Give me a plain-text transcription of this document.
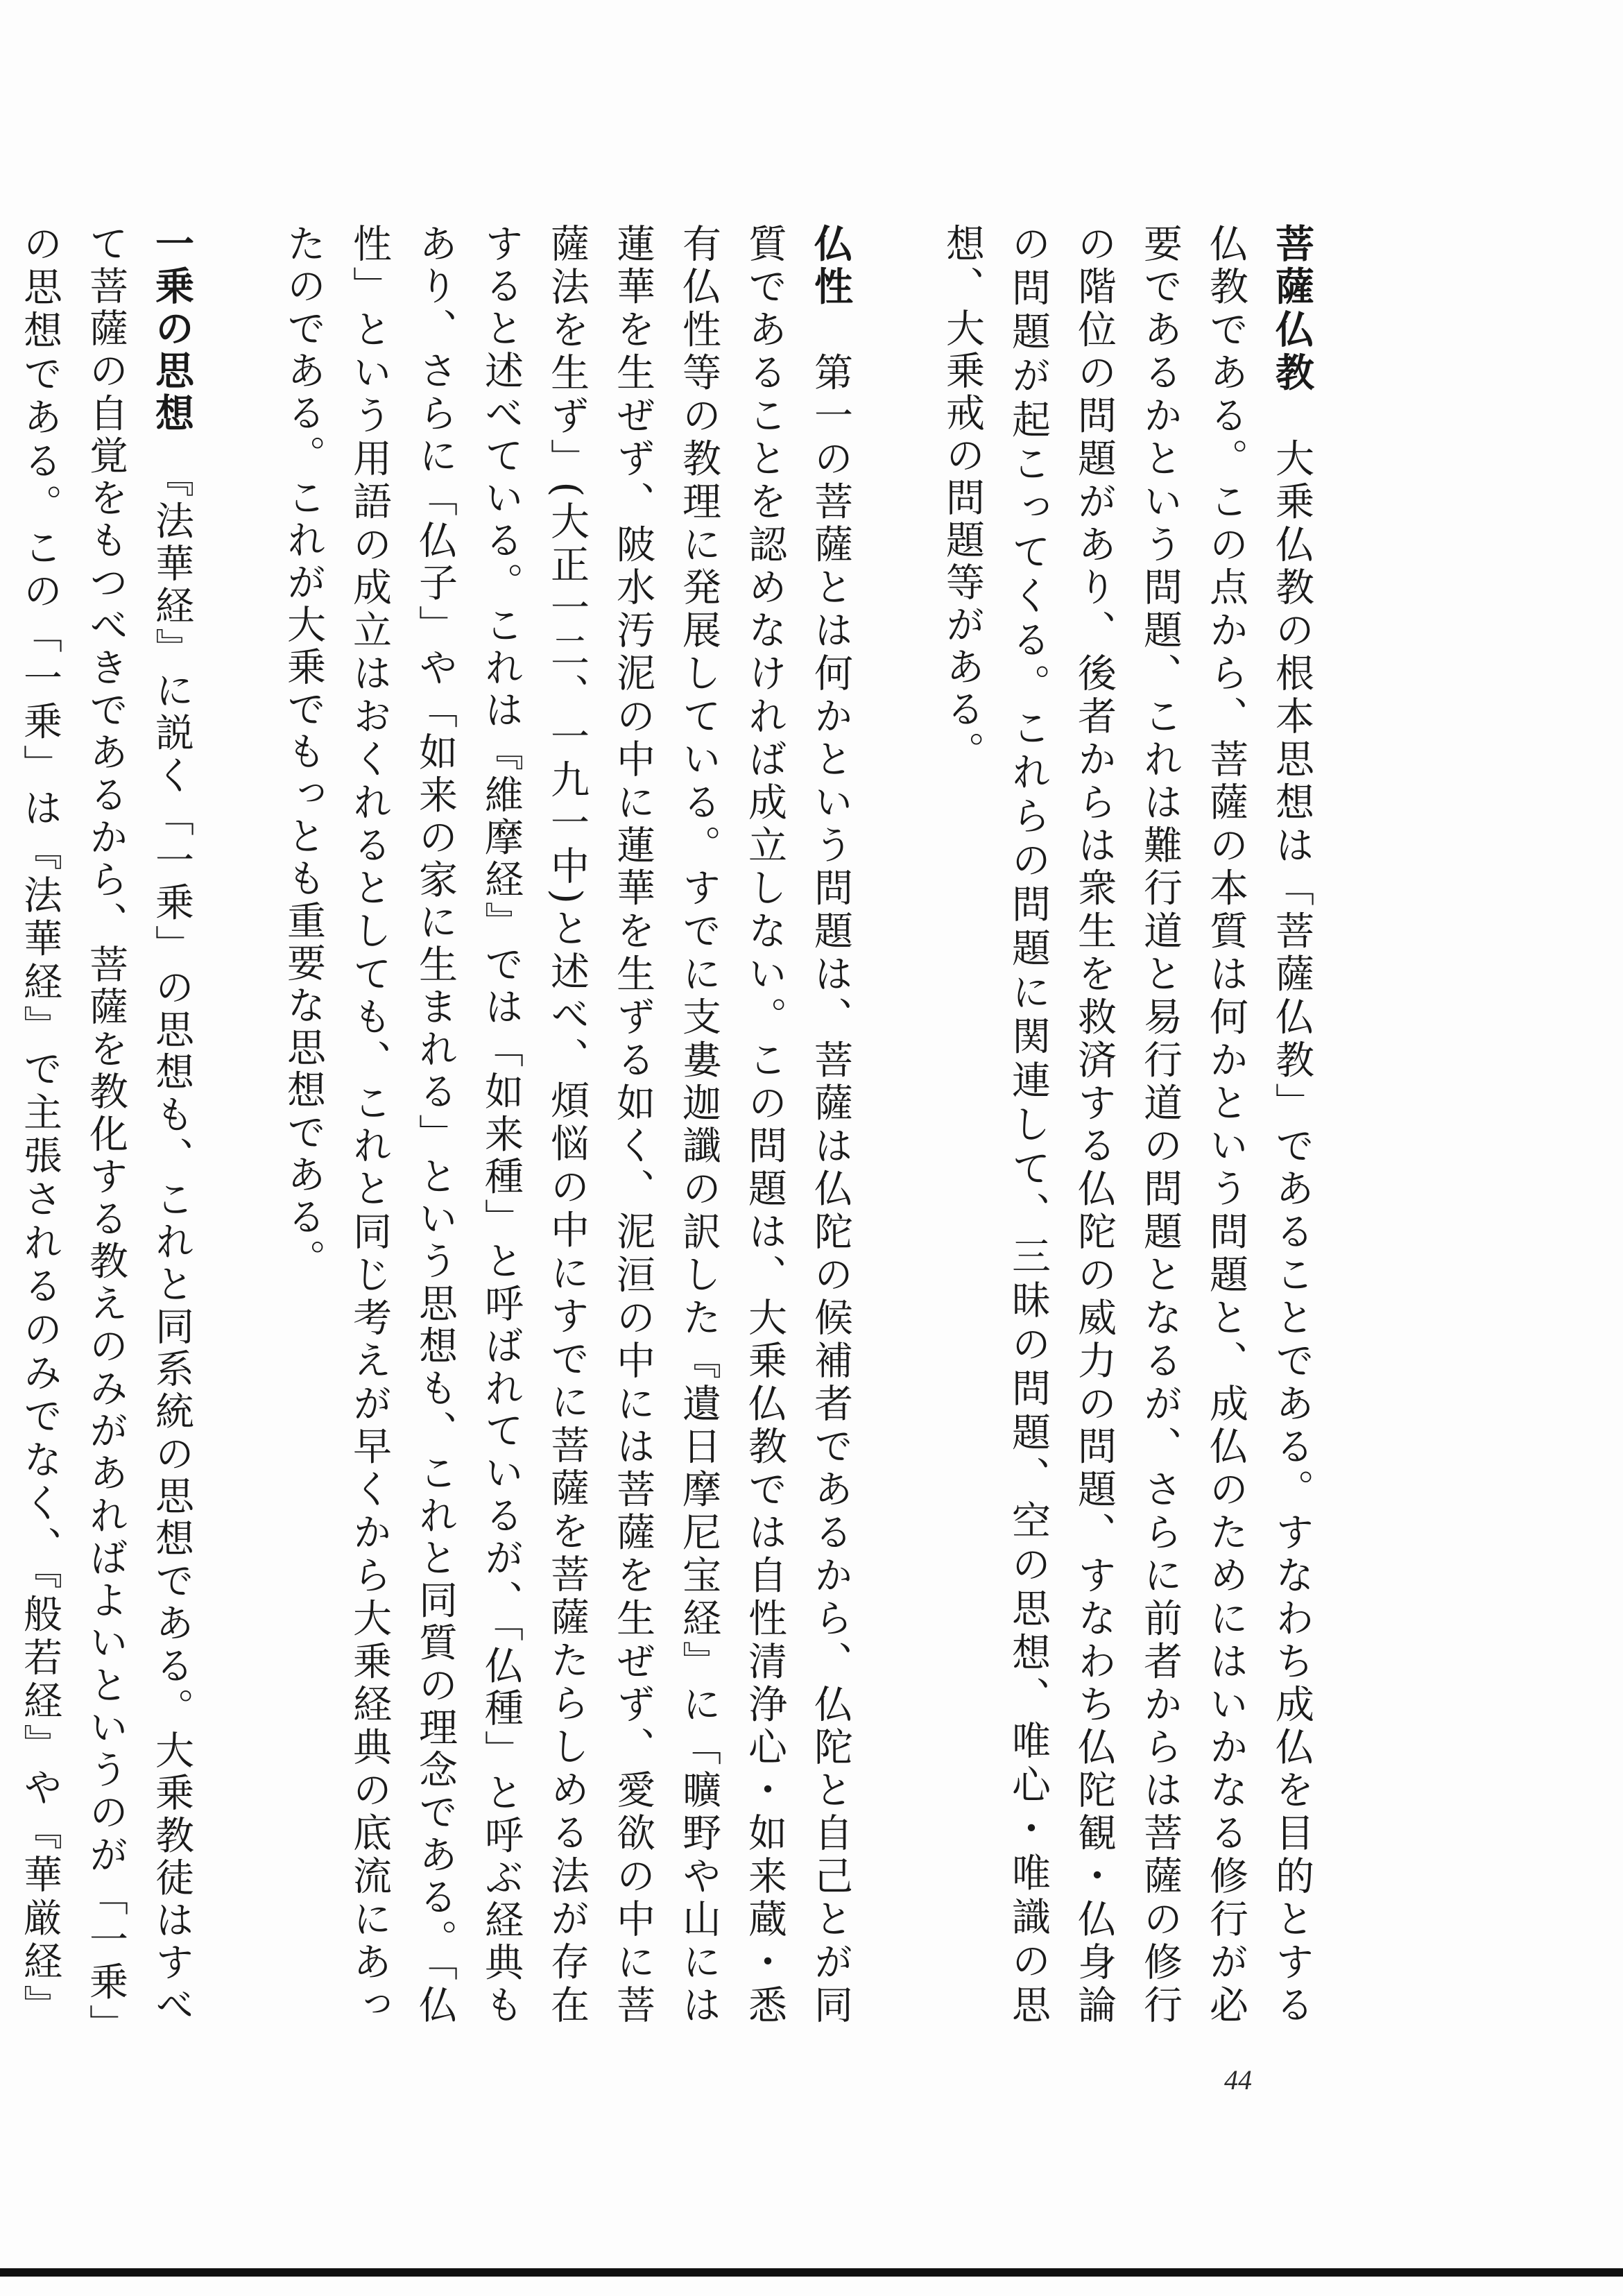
菩薩仏教　大乗仏教の根本思想は「菩薩仏教」であることである。すなわち成仏を目的とする仏教である。この点から、菩薩の本質は何かという問題と、成仏のためにはいかなる修行が必要であるかという問題、これは難行道と易行道の問題となるが、さらに前者からは菩薩の修行の階位の問題があり、後者からは衆生を救済する仏陀の威力の問題、すなわち仏陀観・仏身論の問題が起こってくる。これらの問題に関連して、三昧の問題、空の思想、唯心・唯識の思想、大乗戒の問題等がある。

仏性　第一の菩薩とは何かという問題は、菩薩は仏陀の候補者であるから、仏陀と自己とが同質であることを認めなければ成立しない。この問題は、大乗仏教では自性清浄心・如来蔵・悉有仏性等の教理に発展している。すでに支婁迦讖の訳した『遺日摩尼宝経』に「曠野や山には蓮華を生ぜず、陂水汚泥の中に蓮華を生ずる如く、泥洹の中には菩薩を生ぜず、愛欲の中に菩薩法を生ず」(大正一二、一九一中)と述べ、煩悩の中にすでに菩薩を菩薩たらしめる法が存在すると述べている。これは『維摩経』では「如来種」と呼ばれているが、「仏種」と呼ぶ経典もあり、さらに「仏子」や「如来の家に生まれる」という思想も、これと同質の理念である。「仏性」という用語の成立はおくれるとしても、これと同じ考えが早くから大乗経典の底流にあったのである。これが大乗でもっとも重要な思想である。

一乗の思想　『法華経』に説く「一乗」の思想も、これと同系統の思想である。大乗教徒はすべて菩薩の自覚をもつべきであるから、菩薩を教化する教えのみがあればよいというのが「一乗」の思想である。この「一乗」は『法華経』で主張されるのみでなく、『般若経』や『華厳経』

44
